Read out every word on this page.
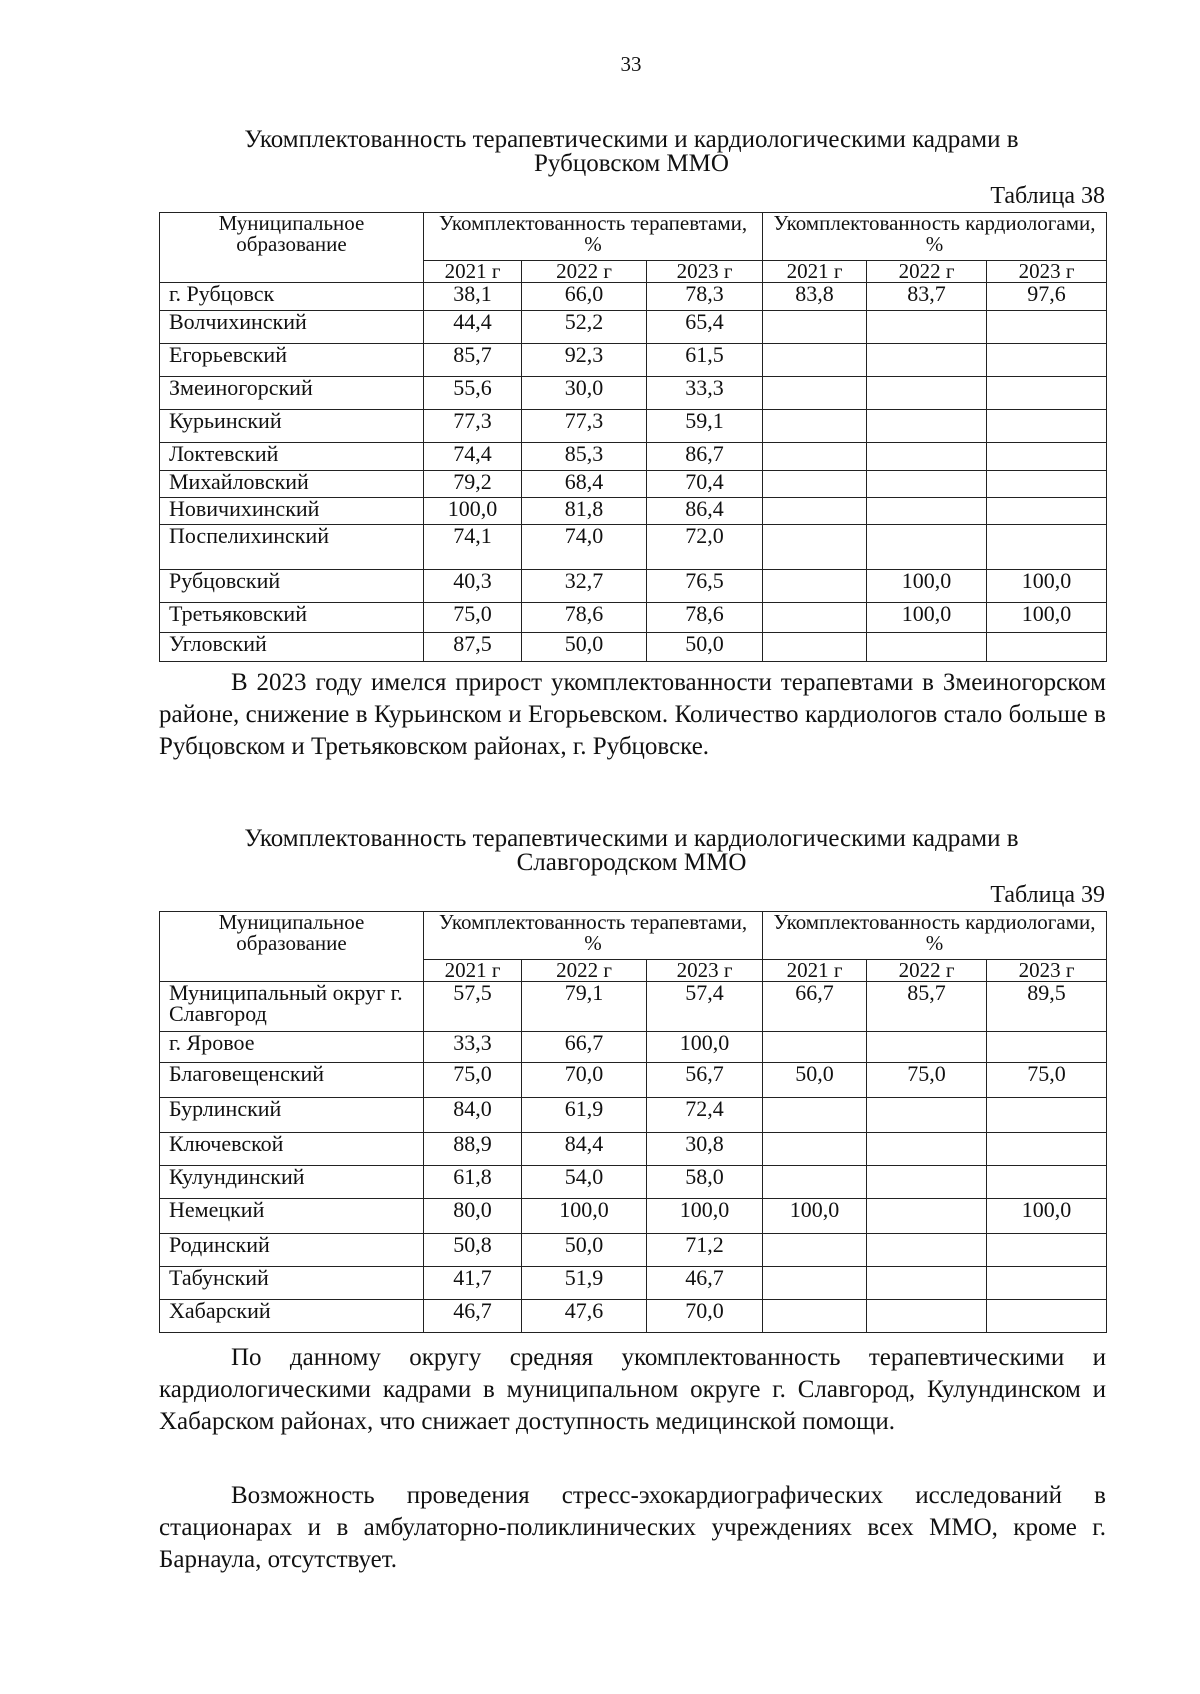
33
Укомплектованность терапевтическими и кардиологическими кадрами в
Рубцовском ММО
Таблица 38
Муниципальное образование	Укомплектованность терапевтами, %			Укомплектованность кардиологами, %		
	2021 г	2022 г	2023 г	2021 г	2022 г	2023 г
г. Рубцовск	38,1	66,0	78,3	83,8	83,7	97,6
Волчихинский	44,4	52,2	65,4			
Егорьевский	85,7	92,3	61,5			
Змеиногорский	55,6	30,0	33,3			
Курьинский	77,3	77,3	59,1			
Локтевский	74,4	85,3	86,7			
Михайловский	79,2	68,4	70,4			
Новичихинский	100,0	81,8	86,4			
Поспелихинский	74,1	74,0	72,0			
Рубцовский	40,3	32,7	76,5		100,0	100,0
Третьяковский	75,0	78,6	78,6		100,0	100,0
Угловский	87,5	50,0	50,0			
В 2023 году имелся прирост укомплектованности терапевтами в Змеиногорском районе, снижение в Курьинском и Егорьевском. Количество кардиологов стало больше в Рубцовском и Третьяковском районах, г. Рубцовске.
Укомплектованность терапевтическими и кардиологическими кадрами в
Славгородском ММО
Таблица 39
Муниципальное образование	Укомплектованность терапевтами, %			Укомплектованность кардиологами, %		
	2021 г	2022 г	2023 г	2021 г	2022 г	2023 г
Муниципальный округ г. Славгород	57,5	79,1	57,4	66,7	85,7	89,5
г. Яровое	33,3	66,7	100,0			
Благовещенский	75,0	70,0	56,7	50,0	75,0	75,0
Бурлинский	84,0	61,9	72,4			
Ключевской	88,9	84,4	30,8			
Кулундинский	61,8	54,0	58,0			
Немецкий	80,0	100,0	100,0	100,0		100,0
Родинский	50,8	50,0	71,2			
Табунский	41,7	51,9	46,7			
Хабарский	46,7	47,6	70,0			
По данному округу средняя укомплектованность терапевтическими и кардиологическими кадрами в муниципальном округе г. Славгород, Кулундинском и Хабарском районах, что снижает доступность медицинской помощи.
Возможность проведения стресс-эхокардиографических исследований в стационарах и в амбулаторно-поликлинических учреждениях всех ММО, кроме г. Барнаула, отсутствует.
